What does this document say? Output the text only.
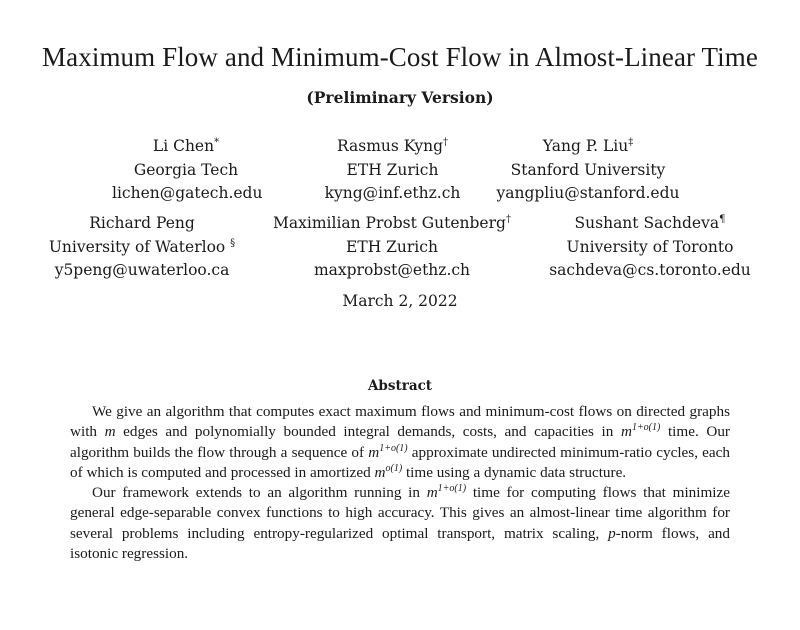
Maximum Flow and Minimum-Cost Flow in Almost-Linear Time
(Preliminary Version)
Li Chen*
Georgia Tech
lichen@gatech.edu
Rasmus Kyng†
ETH Zurich
kyng@inf.ethz.ch
Yang P. Liu‡
Stanford University
yangpliu@stanford.edu
Richard Peng
University of Waterloo §
y5peng@uwaterloo.ca
Maximilian Probst Gutenberg†
ETH Zurich
maxprobst@ethz.ch
Sushant Sachdeva¶
University of Toronto
sachdeva@cs.toronto.edu
March 2, 2022
Abstract

We give an algorithm that computes exact maximum flows and minimum-cost flows on directed graphs with m edges and polynomially bounded integral demands, costs, and capacities in $m^{1+o(1)}$ time. Our algorithm builds the flow through a sequence of $m^{1+o(1)}$ approximate undirected minimum-ratio cycles, each of which is computed and processed in amortized $m^{o(1)}$ time using a dynamic data structure.

Our framework extends to an algorithm running in $m^{1+o(1)}$ time for computing flows that minimize general edge-separable convex functions to high accuracy. This gives an almost-linear time algorithm for several problems including entropy-regularized optimal transport, matrix scaling, p-norm flows, and isotonic regression.
